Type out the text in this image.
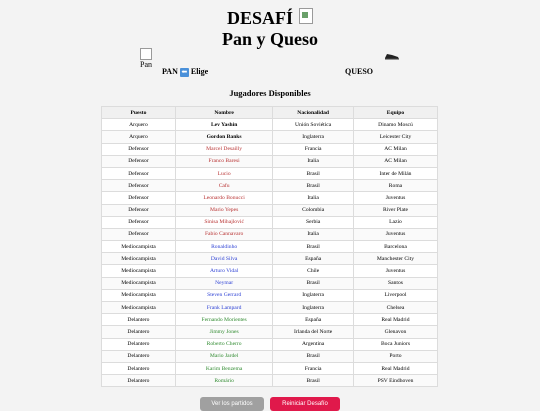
DESAFÍ
Pan y Queso
Pan
PAN ⬅ Elige	QUESO
Jugadores Disponibles
Puesto	Nombre	Nacionalidad	Equipo
Arquero	Lev Yashin	Unión Soviética	Dinamo Moscú
Arquero	Gordon Banks	Inglaterra	Leicester City
Defensor	Marcel Desailly	Francia	AC Milan
Defensor	Franco Baresi	Italia	AC Milan
Defensor	Lucio	Brasil	Inter de Milán
Defensor	Cafu	Brasil	Roma
Defensor	Leonardo Bonucci	Italia	Juventus
Defensor	Mario Yepes	Colombia	River Plate
Defensor	Sinisa Mihajlović	Serbia	Lazio
Defensor	Fabio Cannavaro	Italia	Juventus
Mediocampista	Ronaldinho	Brasil	Barcelona
Mediocampista	David Silva	España	Manchester City
Mediocampista	Arturo Vidal	Chile	Juventus
Mediocampista	Neymar	Brasil	Santos
Mediocampista	Steven Gerrard	Inglaterra	Liverpool
Mediocampista	Frank Lampard	Inglaterra	Chelsea
Delantero	Fernando Morientes	España	Real Madrid
Delantero	Jimmy Jones	Irlanda del Norte	Glenavon
Delantero	Roberto Cherro	Argentina	Boca Juniors
Delantero	Mario Jardel	Brasil	Porto
Delantero	Karim Benzema	Francia	Real Madrid
Delantero	Romário	Brasil	PSV Eindhoven
Ver los partidos	Reiniciar Desafío
